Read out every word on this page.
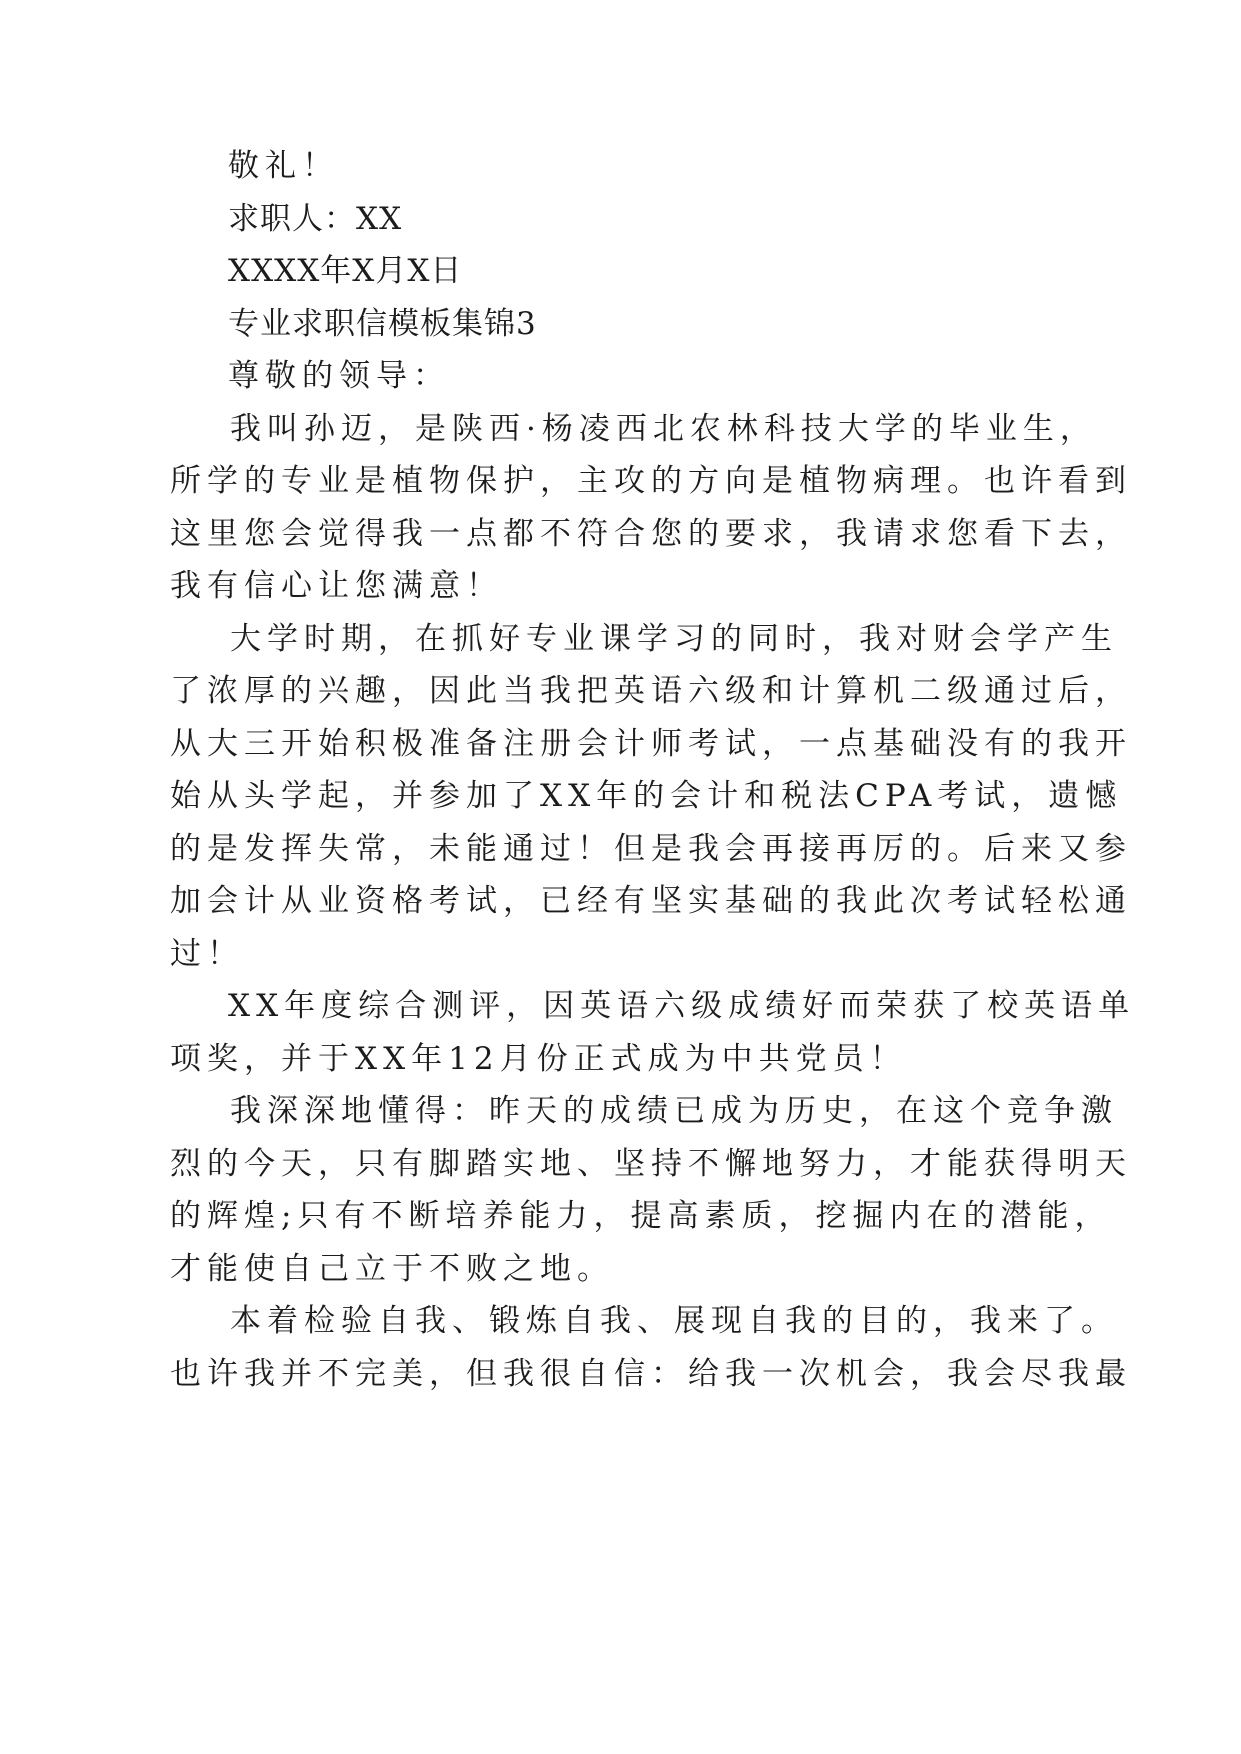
敬礼！

求职人：XX

XXXX年X月X日

专业求职信模板集锦3

尊敬的领导：

我叫孙迈，是陕西·杨凌西北农林科技大学的毕业生，

所学的专业是植物保护，主攻的方向是植物病理。也许看到

这里您会觉得我一点都不符合您的要求，我请求您看下去，

我有信心让您满意！

大学时期，在抓好专业课学习的同时，我对财会学产生

了浓厚的兴趣，因此当我把英语六级和计算机二级通过后，

从大三开始积极准备注册会计师考试，一点基础没有的我开

始从头学起，并参加了XX年的会计和税法CPA考试，遗憾

的是发挥失常，未能通过！但是我会再接再厉的。后来又参

加会计从业资格考试，已经有坚实基础的我此次考试轻松通

过！

XX年度综合测评，因英语六级成绩好而荣获了校英语单

项奖，并于XX年12月份正式成为中共党员！

我深深地懂得：昨天的成绩已成为历史，在这个竞争激

烈的今天，只有脚踏实地、坚持不懈地努力，才能获得明天

的辉煌;只有不断培养能力，提高素质，挖掘内在的潜能，

才能使自己立于不败之地。

本着检验自我、锻炼自我、展现自我的目的，我来了。

也许我并不完美，但我很自信：给我一次机会，我会尽我最
